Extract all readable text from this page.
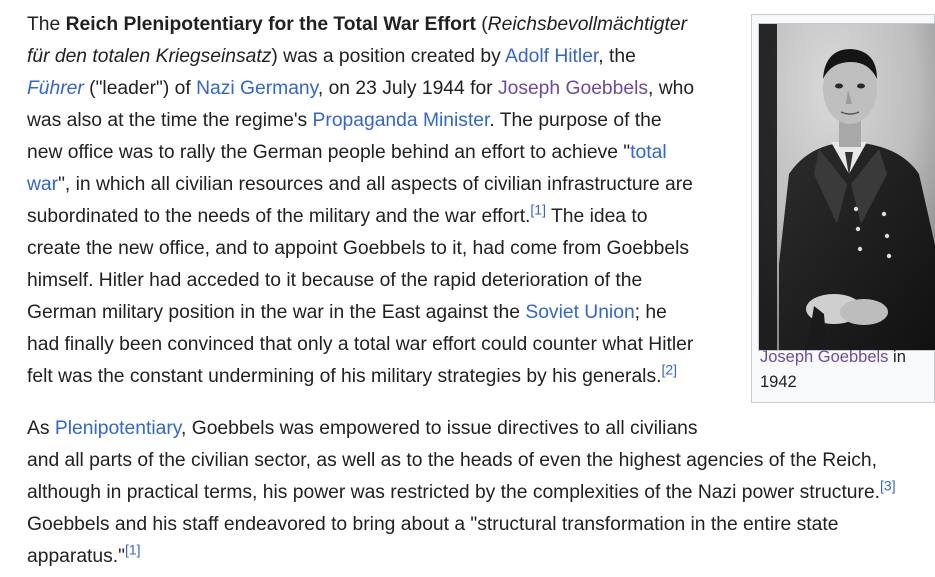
The Reich Plenipotentiary for the Total War Effort (Reichsbevollmächtigter
für den totalen Kriegseinsatz) was a position created by Adolf Hitler, the
Führer ("leader") of Nazi Germany, on 23 July 1944 for Joseph Goebbels, who
was also at the time the regime's Propaganda Minister. The purpose of the
new office was to rally the German people behind an effort to achieve "total
war", in which all civilian resources and all aspects of civilian infrastructure are
subordinated to the needs of the military and the war effort.[1] The idea to
create the new office, and to appoint Goebbels to it, had come from Goebbels
himself. Hitler had acceded to it because of the rapid deterioration of the
German military position in the war in the East against the Soviet Union; he
had finally been convinced that only a total war effort could counter what Hitler
felt was the constant undermining of his military strategies by his generals.[2]

Joseph Goebbels in 1942

As Plenipotentiary, Goebbels was empowered to issue directives to all civilians
and all parts of the civilian sector, as well as to the heads of even the highest agencies of the Reich,
although in practical terms, his power was restricted by the complexities of the Nazi power structure.[3]
Goebbels and his staff endeavored to bring about a "structural transformation in the entire state
apparatus."[1]
